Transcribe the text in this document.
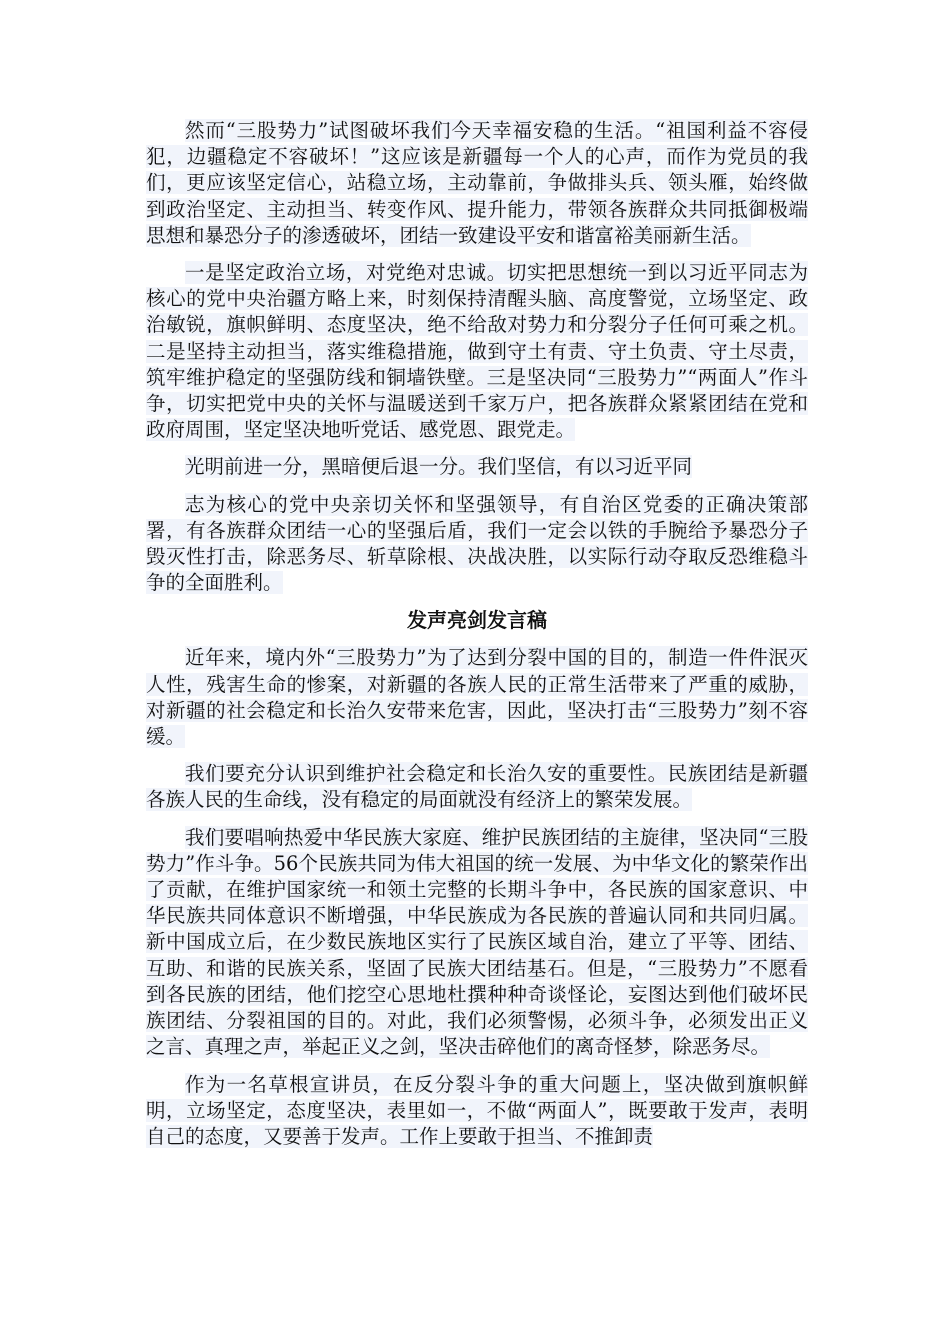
然而“三股势力”试图破坏我们今天幸福安稳的生活。“祖国利益不容侵犯，边疆稳定不容破坏！”这应该是新疆每一个人的心声，而作为党员的我们，更应该坚定信心，站稳立场，主动靠前，争做排头兵、领头雁，始终做到政治坚定、主动担当、转变作风、提升能力，带领各族群众共同抵御极端思想和暴恐分子的渗透破坏，团结一致建设平安和谐富裕美丽新生活。

一是坚定政治立场，对党绝对忠诚。切实把思想统一到以习近平同志为核心的党中央治疆方略上来，时刻保持清醒头脑、高度警觉，立场坚定、政治敏锐，旗帜鲜明、态度坚决，绝不给敌对势力和分裂分子任何可乘之机。二是坚持主动担当，落实维稳措施，做到守土有责、守土负责、守土尽责，筑牢维护稳定的坚强防线和铜墙铁壁。三是坚决同“三股势力”“两面人”作斗争，切实把党中央的关怀与温暖送到千家万户，把各族群众紧紧团结在党和政府周围，坚定坚决地听党话、感党恩、跟党走。

光明前进一分，黑暗便后退一分。我们坚信，有以习近平同

志为核心的党中央亲切关怀和坚强领导，有自治区党委的正确决策部署，有各族群众团结一心的坚强后盾，我们一定会以铁的手腕给予暴恐分子毁灭性打击，除恶务尽、斩草除根、决战决胜，以实际行动夺取反恐维稳斗争的全面胜利。

发声亮剑发言稿

近年来，境内外“三股势力”为了达到分裂中国的目的，制造一件件泯灭人性，残害生命的惨案，对新疆的各族人民的正常生活带来了严重的威胁，对新疆的社会稳定和长治久安带来危害，因此，坚决打击“三股势力”刻不容缓。

我们要充分认识到维护社会稳定和长治久安的重要性。民族团结是新疆各族人民的生命线，没有稳定的局面就没有经济上的繁荣发展。

我们要唱响热爱中华民族大家庭、维护民族团结的主旋律，坚决同“三股势力”作斗争。56个民族共同为伟大祖国的统一发展、为中华文化的繁荣作出了贡献，在维护国家统一和领土完整的长期斗争中，各民族的国家意识、中华民族共同体意识不断增强，中华民族成为各民族的普遍认同和共同归属。新中国成立后，在少数民族地区实行了民族区域自治，建立了平等、团结、互助、和谐的民族关系，坚固了民族大团结基石。但是，“三股势力”不愿看到各民族的团结，他们挖空心思地杜撰种种奇谈怪论，妄图达到他们破坏民族团结、分裂祖国的目的。对此，我们必须警惕，必须斗争，必须发出正义之言、真理之声，举起正义之剑，坚决击碎他们的离奇怪梦，除恶务尽。

作为一名草根宣讲员，在反分裂斗争的重大问题上，坚决做到旗帜鲜明，立场坚定，态度坚决，表里如一，不做“两面人”，既要敢于发声，表明自己的态度，又要善于发声。工作上要敢于担当、不推卸责
